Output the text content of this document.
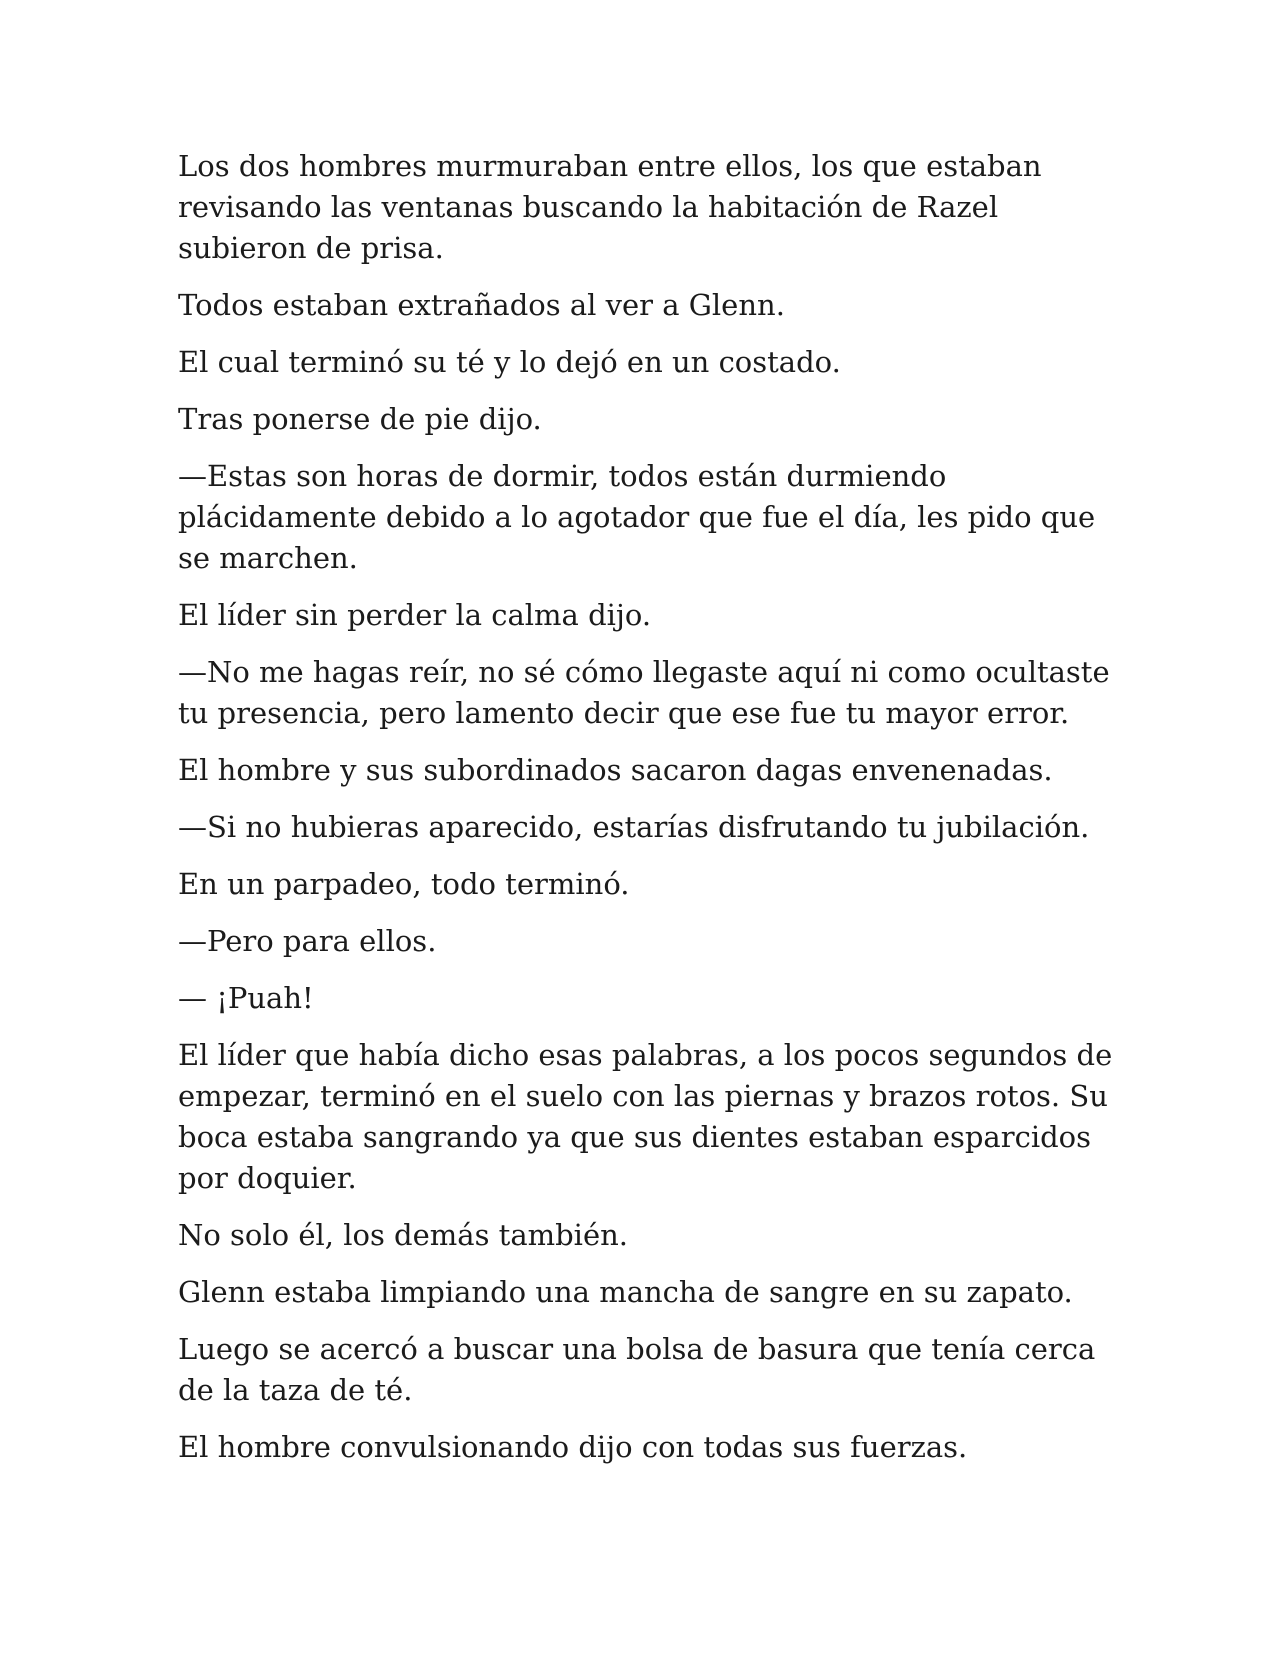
Los dos hombres murmuraban entre ellos, los que estaban revisando las ventanas buscando la habitación de Razel subieron de prisa.

Todos estaban extrañados al ver a Glenn.

El cual terminó su té y lo dejó en un costado.

Tras ponerse de pie dijo.

—Estas son horas de dormir, todos están durmiendo plácidamente debido a lo agotador que fue el día, les pido que se marchen.

El líder sin perder la calma dijo.

—No me hagas reír, no sé cómo llegaste aquí ni como ocultaste tu presencia, pero lamento decir que ese fue tu mayor error.

El hombre y sus subordinados sacaron dagas envenenadas.

—Si no hubieras aparecido, estarías disfrutando tu jubilación.

En un parpadeo, todo terminó.

—Pero para ellos.

— ¡Puah!

El líder que había dicho esas palabras, a los pocos segundos de empezar, terminó en el suelo con las piernas y brazos rotos. Su boca estaba sangrando ya que sus dientes estaban esparcidos por doquier.

No solo él, los demás también.

Glenn estaba limpiando una mancha de sangre en su zapato.

Luego se acercó a buscar una bolsa de basura que tenía cerca de la taza de té.

El hombre convulsionando dijo con todas sus fuerzas.
